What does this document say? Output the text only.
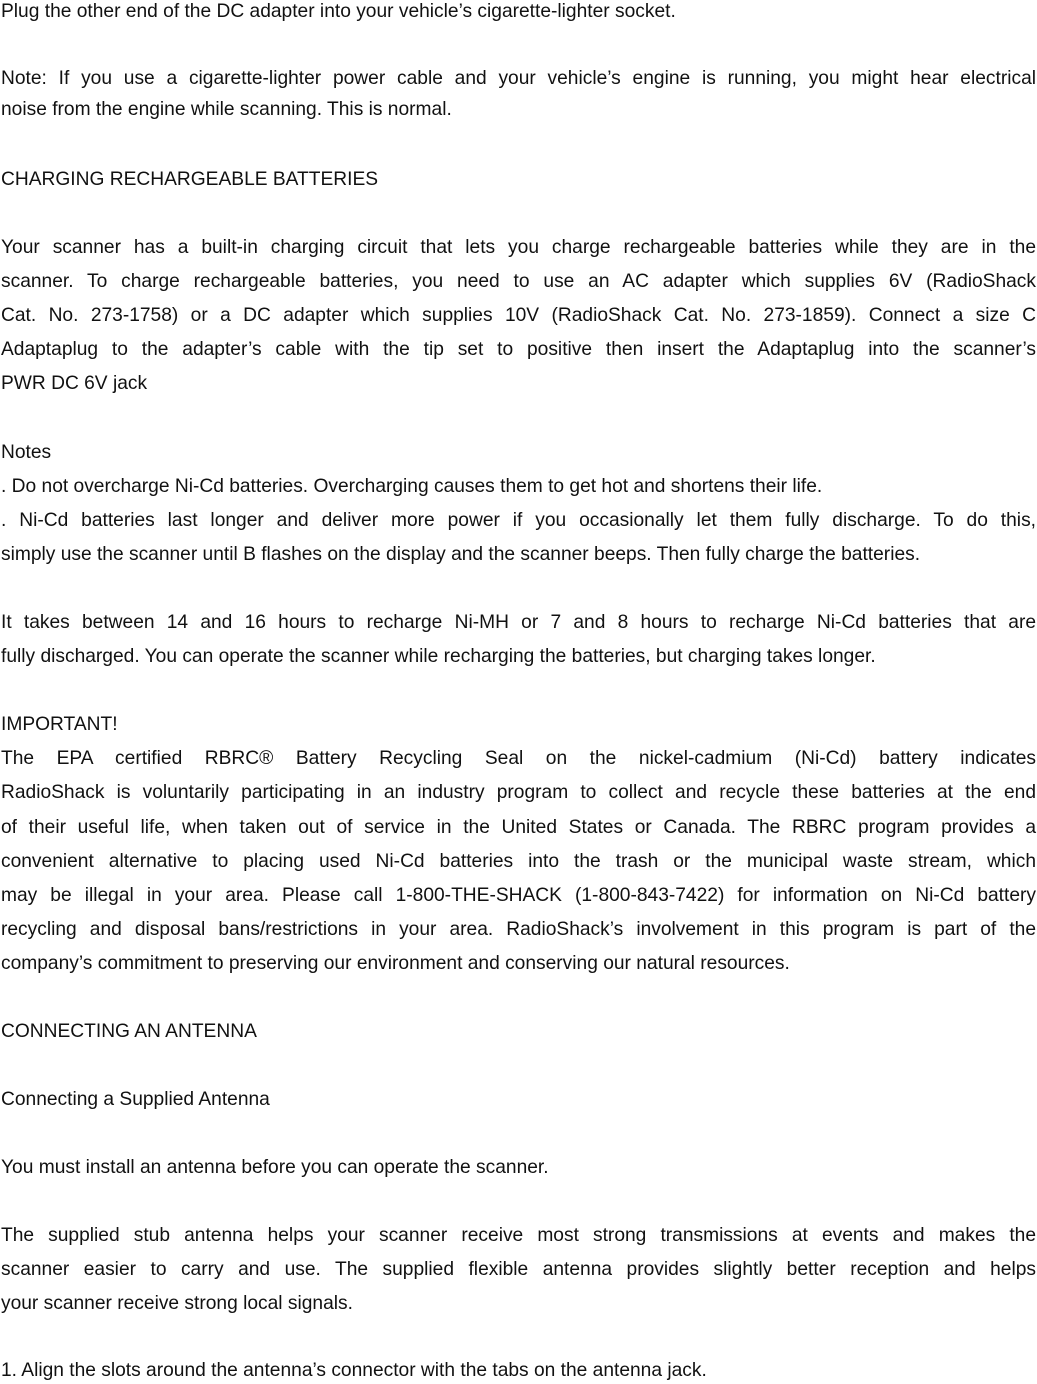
Plug the other end of the DC adapter into your vehicle’s cigarette-lighter socket.
Note: If you use a cigarette-lighter power cable and your vehicle’s engine is running, you might hear electrical
noise from the engine while scanning. This is normal.
CHARGING RECHARGEABLE BATTERIES
Your scanner has a built-in charging circuit that lets you charge rechargeable batteries while they are in the
scanner. To charge rechargeable batteries, you need to use an AC adapter which supplies 6V (RadioShack
Cat. No. 273-1758) or a DC adapter which supplies 10V (RadioShack Cat. No. 273-1859). Connect a size C
Adaptaplug to the adapter’s cable with the tip set to positive then insert the Adaptaplug into the scanner’s
PWR DC 6V jack
Notes
. Do not overcharge Ni-Cd batteries. Overcharging causes them to get hot and shortens their life.
. Ni-Cd batteries last longer and deliver more power if you occasionally let them fully discharge. To do this,
simply use the scanner until B flashes on the display and the scanner beeps. Then fully charge the batteries.
It takes between 14 and 16 hours to recharge Ni-MH or 7 and 8 hours to recharge Ni-Cd batteries that are
fully discharged. You can operate the scanner while recharging the batteries, but charging takes longer.
IMPORTANT!
The EPA certified RBRC® Battery Recycling Seal on the nickel-cadmium (Ni-Cd) battery indicates
RadioShack is voluntarily participating in an industry program to collect and recycle these batteries at the end
of their useful life, when taken out of service in the United States or Canada. The RBRC program provides a
convenient alternative to placing used Ni-Cd batteries into the trash or the municipal waste stream, which
may be illegal in your area. Please call 1-800-THE-SHACK (1-800-843-7422) for information on Ni-Cd battery
recycling and disposal bans/restrictions in your area. RadioShack’s involvement in this program is part of the
company’s commitment to preserving our environment and conserving our natural resources.
CONNECTING AN ANTENNA
Connecting a Supplied Antenna
You must install an antenna before you can operate the scanner.
The supplied stub antenna helps your scanner receive most strong transmissions at events and makes the
scanner easier to carry and use. The supplied flexible antenna provides slightly better reception and helps
your scanner receive strong local signals.
1. Align the slots around the antenna’s connector with the tabs on the antenna jack.
